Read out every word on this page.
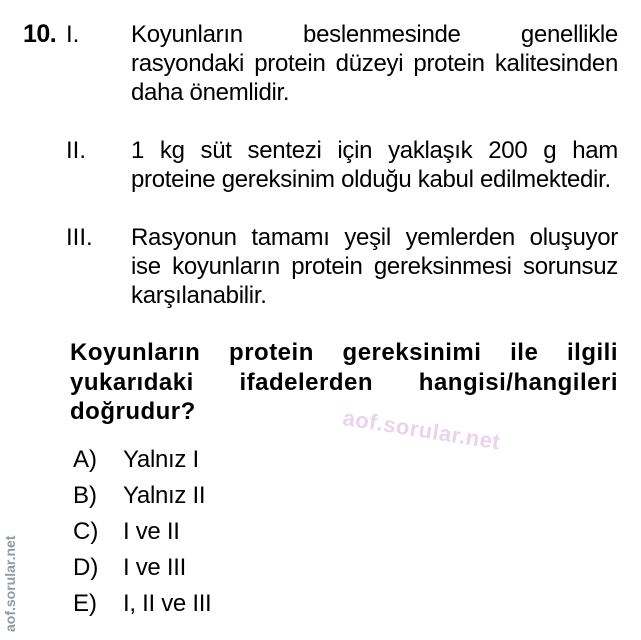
10. I. Koyunların beslenmesinde genellikle rasyondaki protein düzeyi protein kalitesinden daha önemlidir.
II. 1 kg süt sentezi için yaklaşık 200 g ham proteine gereksinim olduğu kabul edilmektedir.
III. Rasyonun tamamı yeşil yemlerden oluşuyor ise koyunların protein gereksinmesi sorunsuz karşılanabilir.
Koyunların protein gereksinimi ile ilgili yukarıdaki ifadelerden hangisi/hangileri doğrudur?	aof.sorular.net
A) Yalnız I
B) Yalnız II
C) I ve II
D) I ve III
E) I, II ve III
aof.sorular.net
